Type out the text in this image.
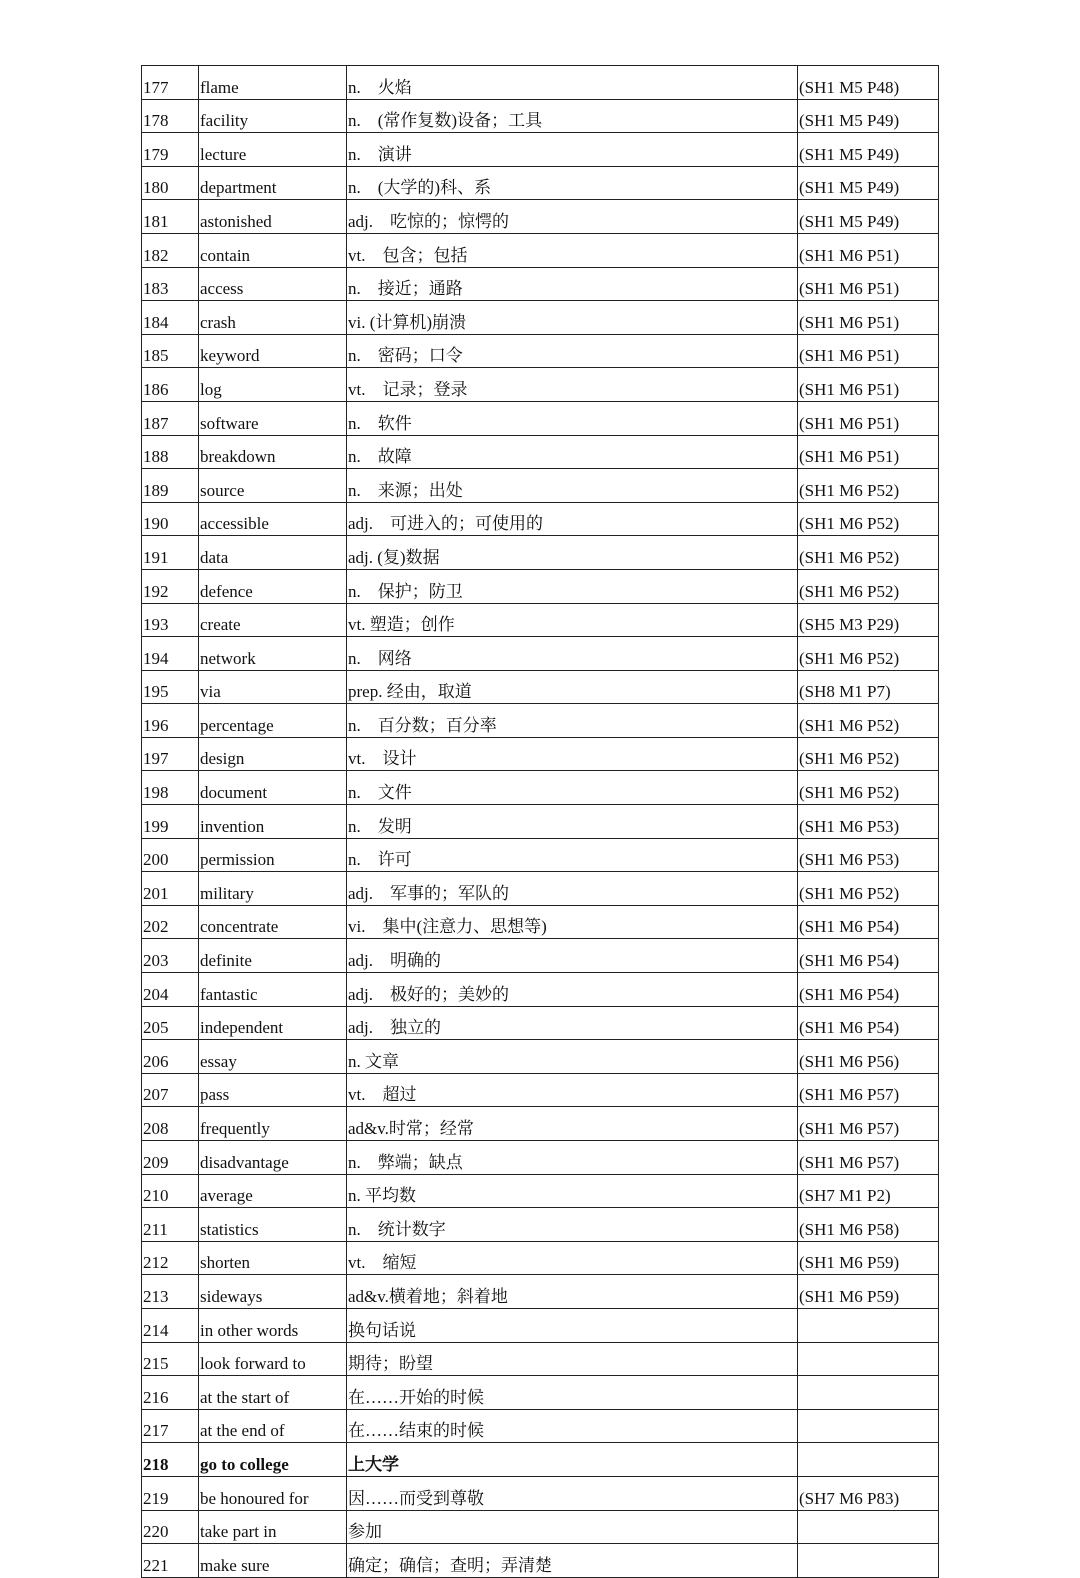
177	flame	n.　火焰	(SH1 M5 P48)
178	facility	n.　(常作复数)设备；工具	(SH1 M5 P49)
179	lecture	n.　演讲	(SH1 M5 P49)
180	department	n.　(大学的)科、系	(SH1 M5 P49)
181	astonished	adj.　吃惊的；惊愕的	(SH1 M5 P49)
182	contain	vt.　包含；包括	(SH1 M6 P51)
183	access	n.　接近；通路	(SH1 M6 P51)
184	crash	vi. (计算机)崩溃	(SH1 M6 P51)
185	keyword	n.　密码；口令	(SH1 M6 P51)
186	log	vt.　记录；登录	(SH1 M6 P51)
187	software	n.　软件	(SH1 M6 P51)
188	breakdown	n.　故障	(SH1 M6 P51)
189	source	n.　来源；出处	(SH1 M6 P52)
190	accessible	adj.　可进入的；可使用的	(SH1 M6 P52)
191	data	adj. (复)数据	(SH1 M6 P52)
192	defence	n.　保护；防卫	(SH1 M6 P52)
193	create	vt. 塑造；创作	(SH5 M3 P29)
194	network	n.　网络	(SH1 M6 P52)
195	via	prep. 经由，取道	(SH8 M1 P7)
196	percentage	n.　百分数；百分率	(SH1 M6 P52)
197	design	vt.　设计	(SH1 M6 P52)
198	document	n.　文件	(SH1 M6 P52)
199	invention	n.　发明	(SH1 M6 P53)
200	permission	n.　许可	(SH1 M6 P53)
201	military	adj.　军事的；军队的	(SH1 M6 P52)
202	concentrate	vi.　集中(注意力、思想等)	(SH1 M6 P54)
203	definite	adj.　明确的	(SH1 M6 P54)
204	fantastic	adj.　极好的；美妙的	(SH1 M6 P54)
205	independent	adj.　独立的	(SH1 M6 P54)
206	essay	n. 文章	(SH1 M6 P56)
207	pass	vt.　超过	(SH1 M6 P57)
208	frequently	ad&v.时常；经常	(SH1 M6 P57)
209	disadvantage	n.　弊端；缺点	(SH1 M6 P57)
210	average	n. 平均数	(SH7 M1 P2)
211	statistics	n.　统计数字	(SH1 M6 P58)
212	shorten	vt.　缩短	(SH1 M6 P59)
213	sideways	ad&v.横着地；斜着地	(SH1 M6 P59)
214	in other words	换句话说	
215	look forward to	期待；盼望	
216	at the start of	在……开始的时候	
217	at the end of	在……结束的时候	
218	go to college	上大学	
219	be honoured for	因……而受到尊敬	(SH7 M6 P83)
220	take part in	参加	
221	make sure	确定；确信；查明；弄清楚	
